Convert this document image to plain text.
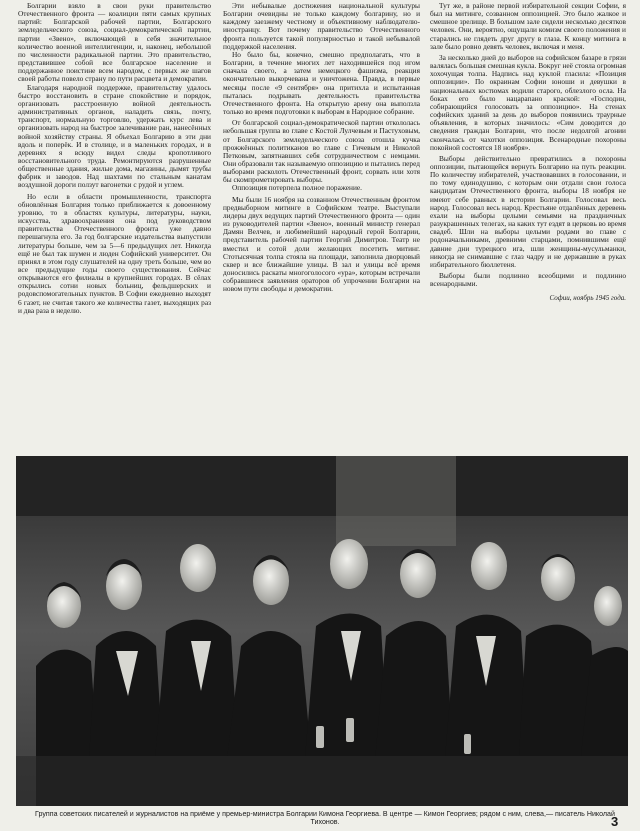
Болгарии взяло в свои руки правительство Отечественного фронта — коалиции пяти самых крупных партий: Болгарской рабочей партии, Болгарского земледельческого союза, социал-демократической партии, партии «Звено», включающей в себя значительное количество военной интеллигенции, и, наконец, небольшой по численности радикальной партии. Это правительство, представившее собой все болгарское население и поддержанное поистине всем народом, с первых же шагов своей работы повело страну по пути расцвета и демократии.

Благодаря народной поддержке, правительству удалось быстро восстановить в стране спокойствие и порядок, организовать расстроенную войной деятельность административных органов, наладить связь, почту, транспорт, нормальную торговлю, удержать курс лева и организовать народ на быстрое залечивание ран, нанесённых войной хозяйству страны. Я объехал Болгарию в эти дни вдоль и поперёк. И в столице, и в маленьких городах, и в деревнях я всюду видел следы кропотливого восстановительного труда. Ремонтируются разрушенные общественные здания, жилые дома, магазины, дымят трубы фабрик и заводов. Над шахтами по стальным канатам воздушной дороги ползут вагонетки с рудой и углем.

Но если в области промышленности, транспорта обновлённая Болгария только приближается к довоенному уровню, то в областях культуры, литературы, науки, искусства, здравоохранения она под руководством правительства Отечественного фронта уже давно перешагнула его. За год болгарские издательства выпустили литературы больше, чем за 5—6 предыдущих лет. Никогда ещё не был так шумен и люден Софийский университет. Он принял в этом году слушателей на одну треть больше, чем во все предыдущие годы своего существования. Сейчас открываются его филиалы в крупнейших городах. В сёлах открылись сотни новых больниц, фельдшерских и родовспомогательных пунктов. В Софии ежедневно выходят 6 газет, не считая такого же количества газет, выходящих раз и два раза в неделю.

Эти небывалые достижения национальной культуры Болгарии очевидны не только каждому болгарину, но и каждому заезжему честному и объективному наблюдателю-иностранцу. Вот почему правительство Отечественного фронта пользуется такой популярностью и такой небывалой поддержкой населения.

Но было бы, конечно, смешно предполагать, что в Болгарии, в течение многих лет находившейся под игом сначала своего, а затем немецкого фашизма, реакция окончательно выкорчевана и уничтожена. Правда, в первые месяцы после «9 сентября» она притихла и испытанная пыталась подрывать деятельность правительства Отечественного фронта. На открытую арену она выползла только во время подготовки к выборам в Народное собрание.

От болгарской социал-демократической партии откололась небольшая группа во главе с Костой Лулчевым и Пастуховым, от Болгарского земледельческого союза отошла кучка прожжённых политиканов во главе с Гичевым и Николой Петковым, запятнавших себя сотрудничеством с немцами. Они образовали так называемую оппозицию и пытались перед выборами расколоть Отечественный фронт, сорвать или хотя бы скомпрометировать выборы.

Оппозиция потерпела полное поражение.

Мы были 16 ноября на созванном Отечественным фронтом предвыборном митинге в Софийском театре. Выступали лидеры двух ведущих партий Отечественного фронта — один из руководителей партии «Звено», военный министр генерал Дамян Велчев, и любимейший народный герой Болгарии, представитель рабочей партии Георгий Димитров. Театр не вместил и сотой доли желающих посетить митинг. Стотысячная толпа стояла на площади, заполнила дворцовый сквер и все ближайшие улицы. В зал и улицы всё время доносились раскаты многоголосого «ура», которым встречали собравшиеся заявления ораторов об упрочении Болгарии на новом пути свободы и демократии.

Тут же, в районе первой избирательной секции Софии, я был на митинге, созванном оппозицией. Это было жалкое и смешное зрелище. В большом зале сидели несколько десятков человек. Они, вероятно, ощущали комизм своего положения и старались не глядеть друг другу в глаза. К концу митинга в зале было ровно девять человек, включая и меня.

За несколько дней до выборов на софийском базаре в грязи валялась большая смешная кукла. Вокруг неё стояла огромная хохочущая толпа. Надпись над куклой гласила: «Позиция оппозиции». По окраинам Софии юноши и девушки в национальных костюмах водили старого, облезлого осла. На боках его было нацарапано краской: «Господин, собирающийся голосовать за оппозицию». На стенах софийских зданий за день до выборов появились траурные объявления, в которых значилось: «Сим доводится до сведения граждан Болгарии, что после недолгой агонии скончалась от чахотки оппозиция. Всенародные похороны покойной состоятся 18 ноября».

Выборы действительно превратились в похороны оппозиции, пытающейся вернуть Болгарию на путь реакции. По количеству избирателей, участвовавших в голосовании, и по тому единодушию, с которым они отдали свои голоса кандидатам Отечественного фронта, выборы 18 ноября не имеют себе равных в истории Болгарии. Голосовал весь народ. Голосовал весь народ. Крестьяне отдалённых деревень ехали на выборы целыми семьями на праздничных разукрашенных телегах, на каких тут ездят в церковь во время свадеб. Шли на выборы целыми родами во главе с родоначальниками, древними старцами, помнившими ещё давние дни турецкого ига, шли женщины-мусульманки, никогда не снимавшие с глаз чадру и не державшие в руках избирательного бюллетеня.

Выборы были подлинно всеобщими и подлинно всенародными.

Софии, ноябрь 1945 года.

Группа советских писателей и журналистов на приёме у премьер-министра Болгарии Кимона Георгиева. В центре — Кимон Георгиев; рядом с ним, слева,— писатель Николай Тихонов.	3
